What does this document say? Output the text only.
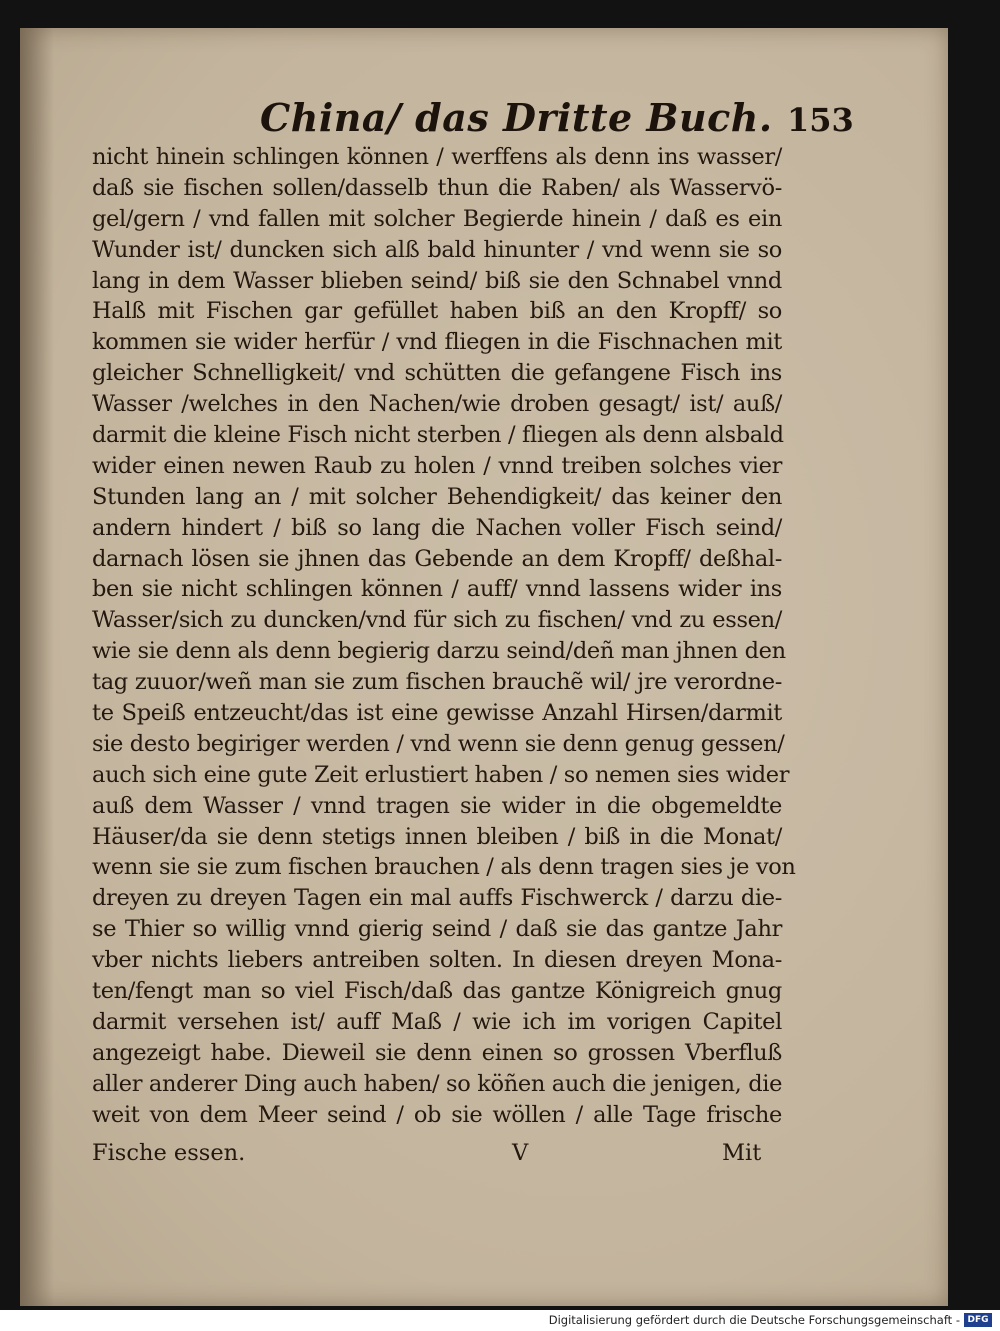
China/ das Dritte Buch. 153
nicht hinein schlingen können / werffens als denn ins wasser/
daß sie fischen sollen/dasselb thun die Raben/ als Wasservö-
gel/gern / vnd fallen mit solcher Begierde hinein / daß es ein
Wunder ist/ duncken sich alß bald hinunter / vnd wenn sie so
lang in dem Wasser blieben seind/ biß sie den Schnabel vnnd
Halß mit Fischen gar gefüllet haben biß an den Kropff/ so
kommen sie wider herfür / vnd fliegen in die Fischnachen mit
gleicher Schnelligkeit/ vnd schütten die gefangene Fisch ins
Wasser /welches in den Nachen/wie droben gesagt/ ist/ auß/
darmit die kleine Fisch nicht sterben / fliegen als denn alsbald
wider einen newen Raub zu holen / vnnd treiben solches vier
Stunden lang an / mit solcher Behendigkeit/ das keiner den
andern hindert / biß so lang die Nachen voller Fisch seind/
darnach lösen sie jhnen das Gebende an dem Kropff/ deßhal-
ben sie nicht schlingen können / auff/ vnnd lassens wider ins
Wasser/sich zu duncken/vnd für sich zu fischen/ vnd zu essen/
wie sie denn als denn begierig darzu seind/deñ man jhnen den
tag zuuor/weñ man sie zum fischen brauchẽ wil/ jre verordne-
te Speiß entzeucht/das ist eine gewisse Anzahl Hirsen/darmit
sie desto begiriger werden / vnd wenn sie denn genug gessen/
auch sich eine gute Zeit erlustiert haben / so nemen sies wider
auß dem Wasser / vnnd tragen sie wider in die obgemeldte
Häuser/da sie denn stetigs innen bleiben / biß in die Monat/
wenn sie sie zum fischen brauchen / als denn tragen sies je von
dreyen zu dreyen Tagen ein mal auffs Fischwerck / darzu die-
se Thier so willig vnnd gierig seind / daß sie das gantze Jahr
vber nichts liebers antreiben solten. In diesen dreyen Mona-
ten/fengt man so viel Fisch/daß das gantze Königreich gnug
darmit versehen ist/ auff Maß / wie ich im vorigen Capitel
angezeigt habe. Dieweil sie denn einen so grossen Vberfluß
aller anderer Ding auch haben/ so köñen auch die jenigen, die
weit von dem Meer seind / ob sie wöllen / alle Tage frische
Fische essen.	V	Mit
Digitalisierung gefördert durch die Deutsche Forschungsgemeinschaft - DFG
